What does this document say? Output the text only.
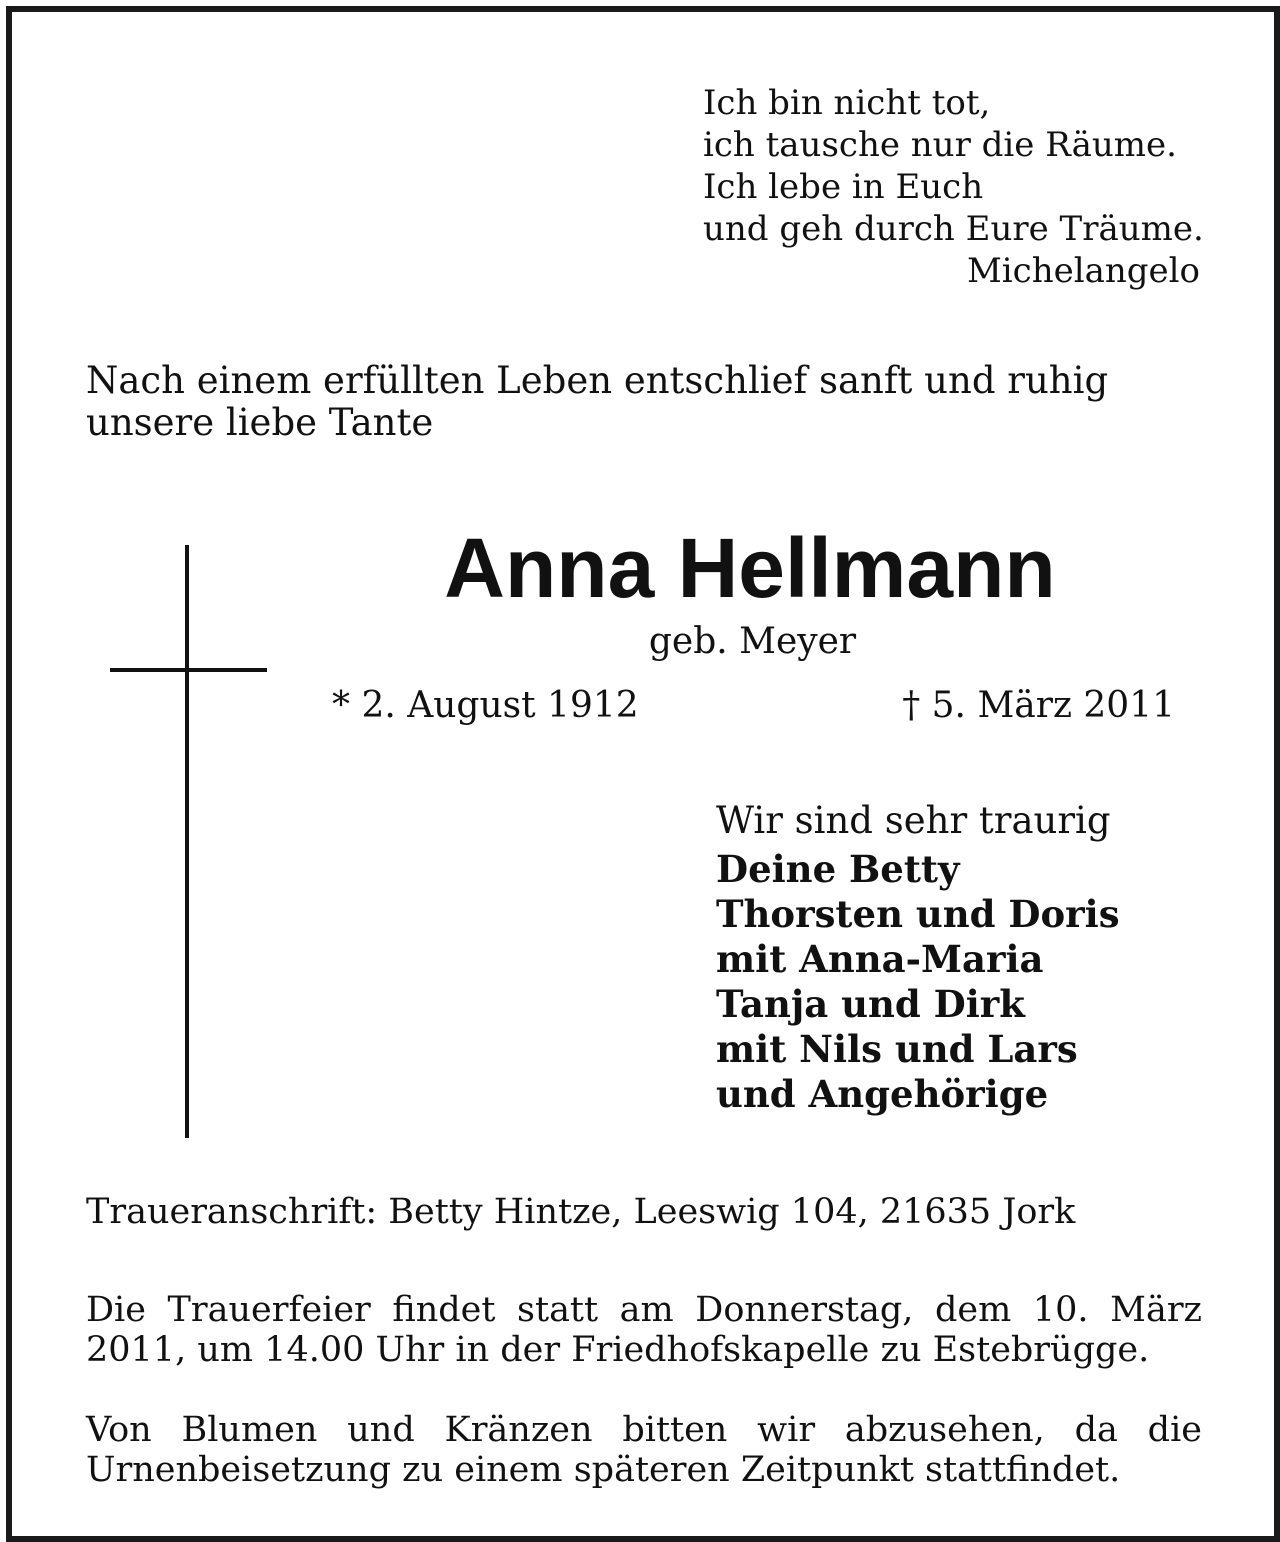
Ich bin nicht tot,
ich tausche nur die Räume.
Ich lebe in Euch
und geh durch Eure Träume.
Michelangelo
Nach einem erfüllten Leben entschlief sanft und ruhig
unsere liebe Tante
Anna Hellmann
geb. Meyer
* 2. August 1912	† 5. März 2011
Wir sind sehr traurig
Deine Betty
Thorsten und Doris
mit Anna-Maria
Tanja und Dirk
mit Nils und Lars
und Angehörige
Traueranschrift: Betty Hintze, Leeswig 104, 21635 Jork
Die Trauerfeier findet statt am Donnerstag, dem 10. März
2011, um 14.00 Uhr in der Friedhofskapelle zu Estebrügge.
Von Blumen und Kränzen bitten wir abzusehen, da die
Urnenbeisetzung zu einem späteren Zeitpunkt stattfindet.
